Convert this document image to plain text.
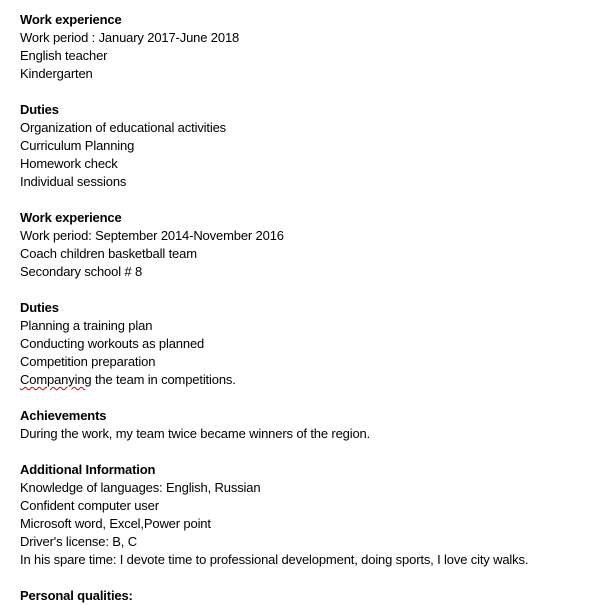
Work experience
Work period : January 2017-June 2018
English teacher
Kindergarten
Duties
Organization of educational activities
Curriculum Planning
Homework check
Individual sessions
Work experience
Work period: September 2014-November 2016
Coach children basketball team
Secondary school # 8
Duties
Planning a training plan
Conducting workouts as planned
Competition preparation
Companying the team in competitions.
Achievements
During the work, my team twice became winners of the region.
Additional Information
Knowledge of languages: English, Russian
Confident computer user
Microsoft word, Excel,Power point
Driver's license: B, C
In his spare time: I devote time to professional development, doing sports, I love city walks.
Personal qualities:
